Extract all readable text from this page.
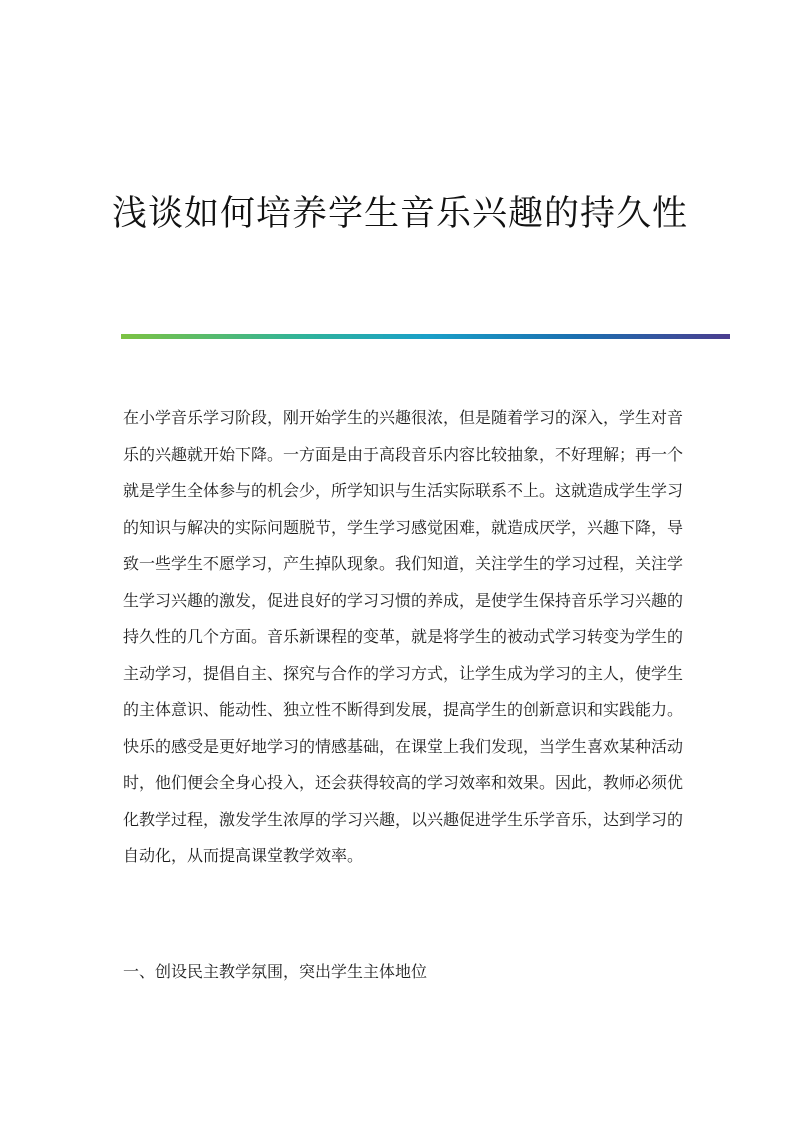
浅谈如何培养学生音乐兴趣的持久性

在小学音乐学习阶段，刚开始学生的兴趣很浓，但是随着学习的深入，学生对音乐的兴趣就开始下降。一方面是由于高段音乐内容比较抽象，不好理解；再一个就是学生全体参与的机会少，所学知识与生活实际联系不上。这就造成学生学习的知识与解决的实际问题脱节，学生学习感觉困难，就造成厌学，兴趣下降，导致一些学生不愿学习，产生掉队现象。我们知道，关注学生的学习过程，关注学生学习兴趣的激发，促进良好的学习习惯的养成，是使学生保持音乐学习兴趣的持久性的几个方面。音乐新课程的变革，就是将学生的被动式学习转变为学生的主动学习，提倡自主、探究与合作的学习方式，让学生成为学习的主人，使学生的主体意识、能动性、独立性不断得到发展，提高学生的创新意识和实践能力。快乐的感受是更好地学习的情感基础，在课堂上我们发现，当学生喜欢某种活动时，他们便会全身心投入，还会获得较高的学习效率和效果。因此，教师必须优化教学过程，激发学生浓厚的学习兴趣，以兴趣促进学生乐学音乐，达到学习的自动化，从而提高课堂教学效率。

一、创设民主教学氛围，突出学生主体地位
